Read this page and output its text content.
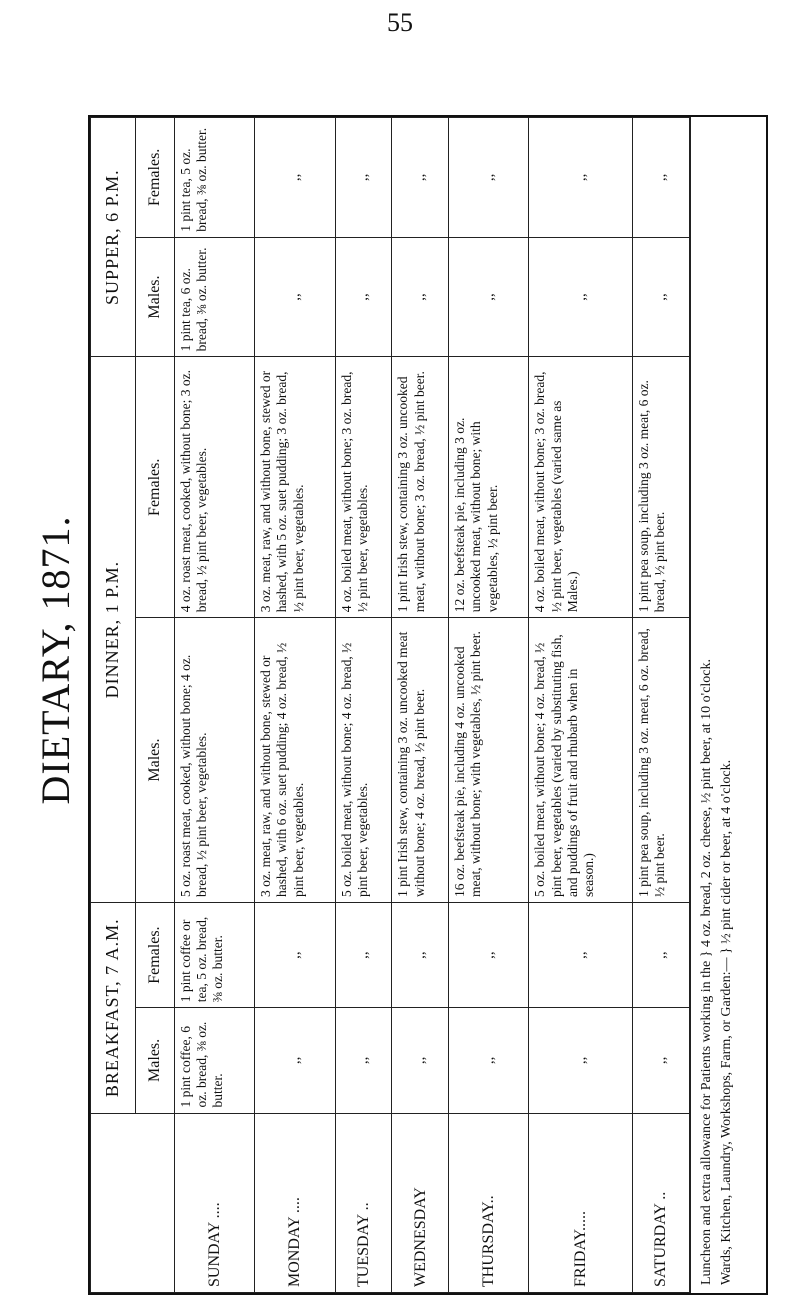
55
DIETARY, 1871.
	BREAKFAST, 7 A.M.		DINNER, 1 P.M.		SUPPER, 6 P.M.	
	Males.	Females.	Males.	Females.	Males.	Females.
SUNDAY ....	1 pint coffee, 6 oz. bread, ⅜ oz. butter.	1 pint coffee or tea, 5 oz. bread, ⅜ oz. butter.	5 oz. roast meat, cooked, without bone; 4 oz. bread, ½ pint beer, vegetables.	4 oz. roast meat, cooked, without bone; 3 oz. bread, ½ pint beer, vegetables.	1 pint tea, 6 oz. bread, ⅜ oz. butter.	1 pint tea, 5 oz. bread, ⅜ oz. butter.
MONDAY ....	,,	,,	3 oz. meat, raw, and without bone, stewed or hashed, with 6 oz. suet pudding; 4 oz. bread, ½ pint beer, vegetables.	3 oz. meat, raw, and without bone, stewed or hashed, with 5 oz. suet pudding; 3 oz. bread, ½ pint beer, vegetables.	,,	,,
TUESDAY ..	,,	,,	5 oz. boiled meat, without bone; 4 oz. bread, ½ pint beer, vegetables.	4 oz. boiled meat, without bone; 3 oz. bread, ½ pint beer, vegetables.	,,	,,
WEDNESDAY	,,	,,	1 pint Irish stew, containing 3 oz. uncooked meat without bone; 4 oz. bread, ½ pint beer.	1 pint Irish stew, containing 3 oz. uncooked meat, without bone; 3 oz. bread, ½ pint beer.	,,	,,
THURSDAY..	,,	,,	16 oz. beefsteak pie, including 4 oz. uncooked meat, without bone; with vegetables, ½ pint beer.	12 oz. beefsteak pie, including 3 oz. uncooked meat, without bone; with vegetables, ½ pint beer.	,,	,,
FRIDAY.....	,,	,,	5 oz. boiled meat, without bone; 4 oz. bread, ½ pint beer, vegetables (varied by substituting fish, and puddings of fruit and rhubarb when in season.)	4 oz. boiled meat, without bone; 3 oz. bread, ½ pint beer, vegetables (varied same as Males.)	,,	,,
SATURDAY ..	,,	,,	1 pint pea soup, including 3 oz. meat, 6 oz. bread, ½ pint beer.	1 pint pea soup, including 3 oz. meat, 6 oz. bread, ½ pint beer.	,,	,,
Luncheon and extra allowance for Patients working in the } 4 oz. bread, 2 oz. cheese, ½ pint beer, at 10 o'clock. Wards, Kitchen, Laundry, Workshops, Farm, or Garden:— } ½ pint cider or beer, at 4 o'clock.
